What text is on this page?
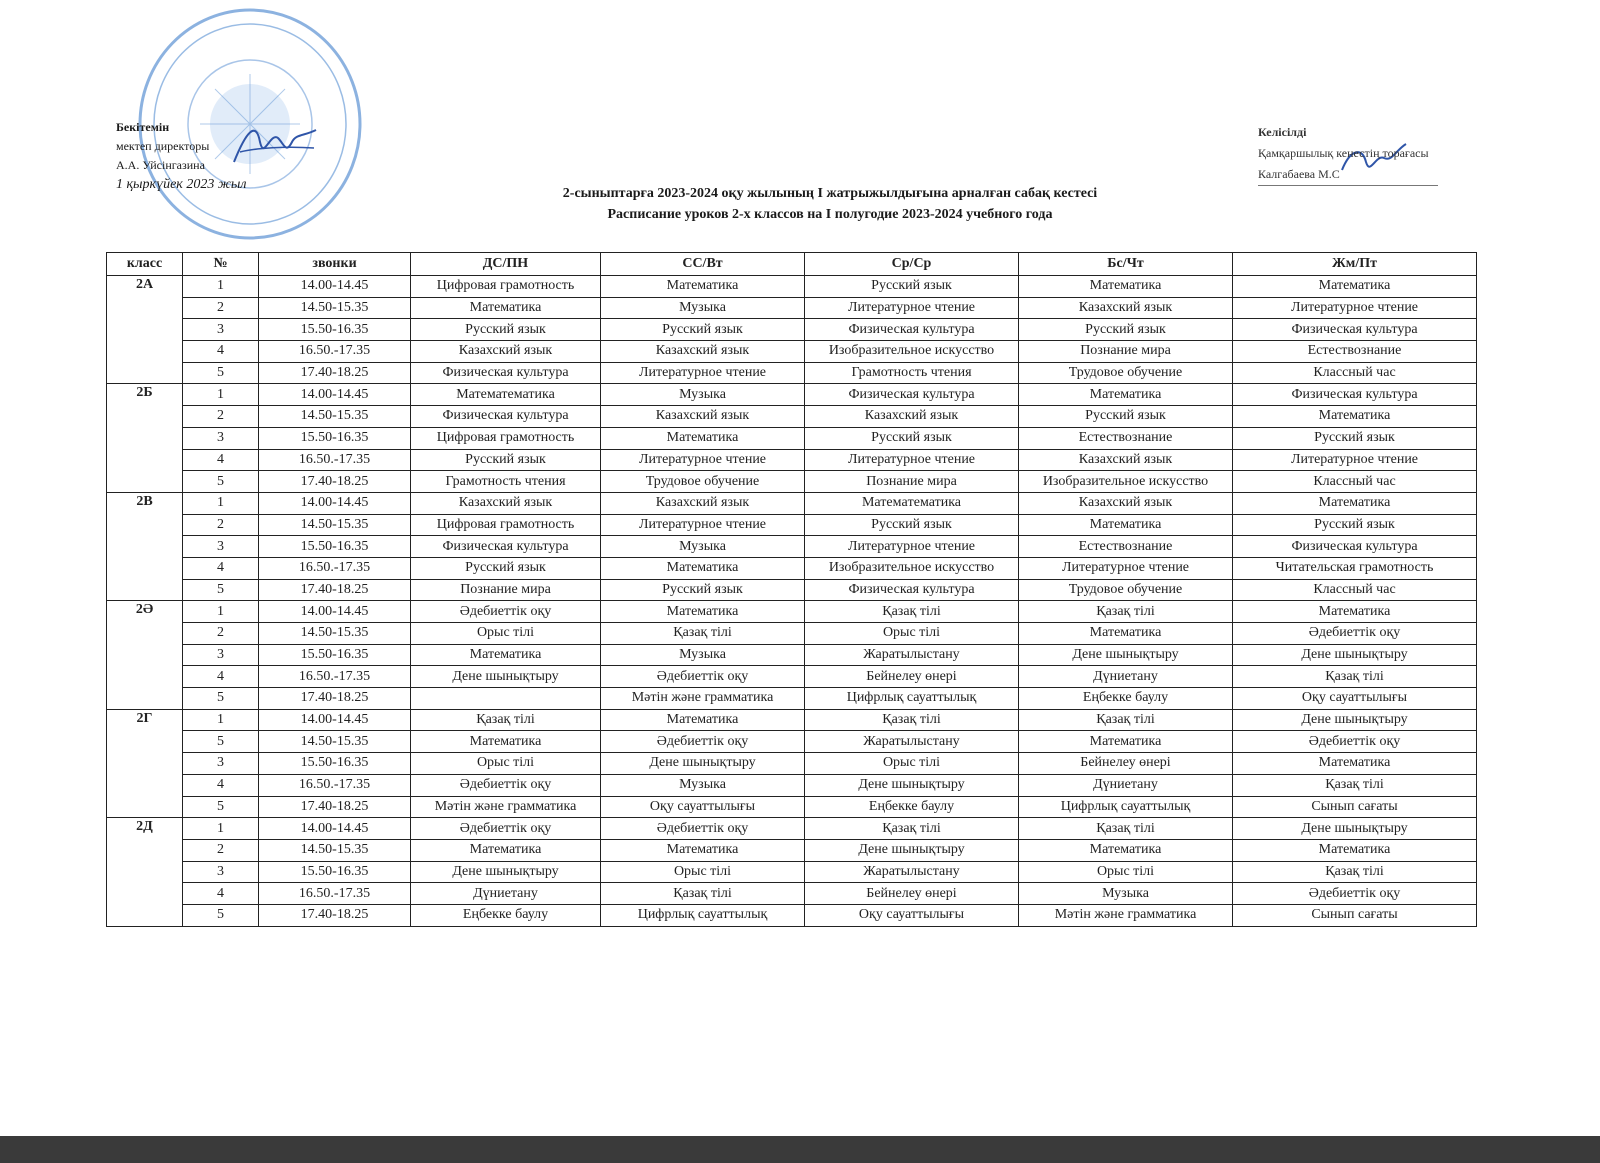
Бекітемін
мектеп директоры
А.А. Уйсінгазина
1 қыркүйек 2023 жыл
Келісілді
Қамқаршылық кенестің торағасы
Калгабаева М.С
2-сыныптарға 2023-2024 оқу жылының І жатрыжылдығына арналған сабақ кестесі
Расписание уроков 2-х классов на I полугодие 2023-2024 учебного года
класс	№	звонки	ДС/ПН	СС/Вт	Ср/Ср	Бс/Чт	Жм/Пт
2А	1	14.00-14.45	Цифровая грамотность	Математика	Русский язык	Математика	Математика
	2	14.50-15.35	Математика	Музыка	Литературное чтение	Казахский язык	Литературное чтение
	3	15.50-16.35	Русский язык	Русский язык	Физическая культура	Русский язык	Физическая культура
	4	16.50.-17.35	Казахский язык	Казахский язык	Изобразительное искусство	Познание мира	Естествознание
	5	17.40-18.25	Физическая культура	Литературное чтение	Грамотность чтения	Трудовое обучение	Классный час
2Б	1	14.00-14.45	Математематика	Музыка	Физическая культура	Математика	Физическая культура
	2	14.50-15.35	Физическая культура	Казахский язык	Казахский язык	Русский язык	Математика
	3	15.50-16.35	Цифровая грамотность	Математика	Русский язык	Естествознание	Русский язык
	4	16.50.-17.35	Русский язык	Литературное чтение	Литературное чтение	Казахский язык	Литературное чтение
	5	17.40-18.25	Грамотность чтения	Трудовое обучение	Познание мира	Изобразительное искусство	Классный час
2В	1	14.00-14.45	Казахский язык	Казахский язык	Матемaтематика	Казахский язык	Математика
	2	14.50-15.35	Цифровая грамотность	Литературное чтение	Русский язык	Математика	Русский язык
	3	15.50-16.35	Физическая культура	Музыка	Литературное чтение	Естествознание	Физическая культура
	4	16.50.-17.35	Русский язык	Математика	Изобразительное искусство	Литературное чтение	Читательская грамотность
	5	17.40-18.25	Познание мира	Русский язык	Физическая культура	Трудовое обучение	Классный час
2Ә	1	14.00-14.45	Әдебиеттік оқу	Математика	Қазақ тілі	Қазақ тілі	Математика
	2	14.50-15.35	Орыс тілі	Қазақ тілі	Орыс тілі	Математика	Әдебиеттік оқу
	3	15.50-16.35	Математика	Музыка	Жаратылыстану	Дене шынықтыру	Дене шынықтыру
	4	16.50.-17.35	Дене шынықтыру	Әдебиеттік оқу	Бейнелеу өнері	Дүниетану	Қазақ тілі
	5	17.40-18.25		Мәтін және грамматика	Цифрлық сауаттылық	Еңбекке баулу	Оқу сауаттылығы
2Г	1	14.00-14.45	Қазақ тілі	Математика	Қазақ тілі	Қазақ тілі	Дене шынықтыру
	5	14.50-15.35	Математика	Әдебиеттік оқу	Жаратылыстану	Математика	Әдебиеттік оқу
	3	15.50-16.35	Орыс тілі	Дене шынықтыру	Орыс тілі	Бейнелеу өнері	Математика
	4	16.50.-17.35	Әдебиеттік оқу	Музыка	Дене шынықтыру	Дүниетану	Қазақ тілі
	5	17.40-18.25	Мәтін және грамматика	Оқу сауаттылығы	Еңбекке баулу	Цифрлық сауаттылық	Сынып сағаты
2Д	1	14.00-14.45	Әдебиеттік оқу	Әдебиеттік оқу	Қазақ тілі	Қазақ тілі	Дене шынықтыру
	2	14.50-15.35	Математика	Математика	Дене шынықтыру	Математика	Математика
	3	15.50-16.35	Дене шынықтыру	Орыс тілі	Жаратылыстану	Орыс тілі	Қазақ тілі
	4	16.50.-17.35	Дүниетану	Қазақ тілі	Бейнелеу өнері	Музыка	Әдебиеттік оқу
	5	17.40-18.25	Еңбекке баулу	Цифрлық сауаттылық	Оқу сауаттылығы	Мәтін және грамматика	Сынып сағаты
